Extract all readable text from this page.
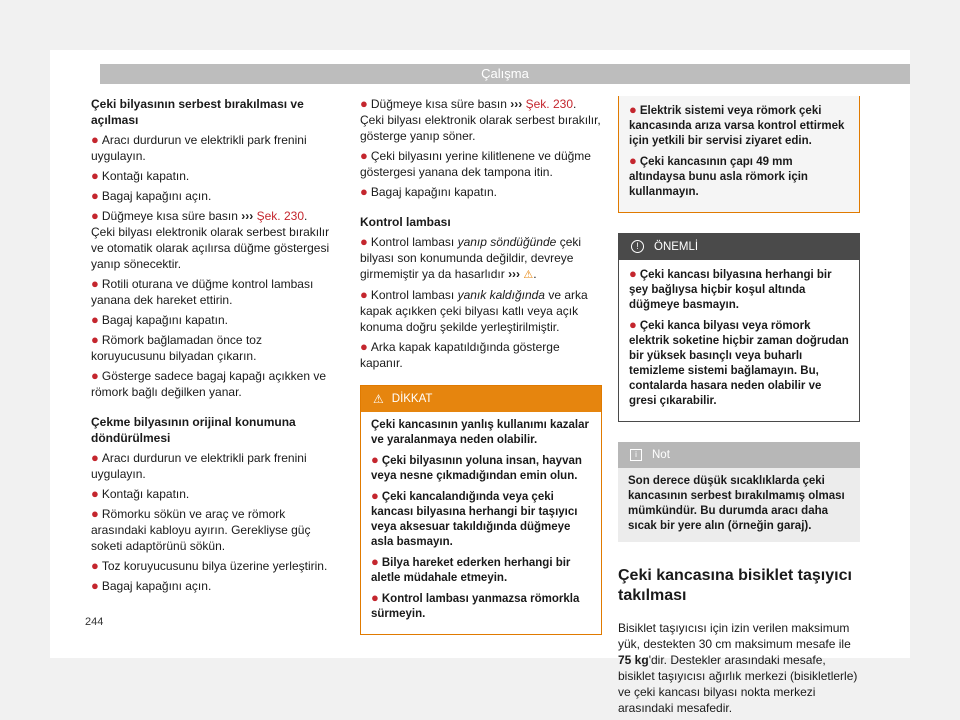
Çalışma
Çeki bilyasının serbest bırakılması ve açılması
● Aracı durdurun ve elektrikli park frenini uygulayın.
● Kontağı kapatın.
● Bagaj kapağını açın.
● Düğmeye kısa süre basın ››› Şek. 230. Çeki bilyası elektronik olarak serbest bırakılır ve otomatik olarak açılırsa düğme göstergesi yanıp sönecektir.
● Rotili oturana ve düğme kontrol lambası yanana dek hareket ettirin.
● Bagaj kapağını kapatın.
● Römork bağlamadan önce toz koruyucusunu bilyadan çıkarın.
● Gösterge sadece bagaj kapağı açıkken ve römork bağlı değilken yanar.
Çekme bilyasının orijinal konumuna döndürülmesi
● Aracı durdurun ve elektrikli park frenini uygulayın.
● Kontağı kapatın.
● Römorku sökün ve araç ve römork arasındaki kabloyu ayırın. Gerekliyse güç soketi adaptörünü sökün.
● Toz koruyucusunu bilya üzerine yerleştirin.
● Bagaj kapağını açın.
● Düğmeye kısa süre basın ››› Şek. 230. Çeki bilyası elektronik olarak serbest bırakılır, gösterge yanıp söner.
● Çeki bilyasını yerine kilitlenene ve düğme göstergesi yanana dek tampona itin.
● Bagaj kapağını kapatın.
Kontrol lambası
● Kontrol lambası yanıp söndüğünde çeki bilyası son konumunda değildir, devreye girmemiştir ya da hasarlıdır ››› ⚠.
● Kontrol lambası yanık kaldığında ve arka kapak açıkken çeki bilyası katlı veya açık konuma doğru şekilde yerleştirilmiştir.
● Arka kapak kapatıldığında gösterge kapanır.
⚠ DİKKAT
Çeki kancasının yanlış kullanımı kazalar ve yaralanmaya neden olabilir.
● Çeki bilyasının yoluna insan, hayvan veya nesne çıkmadığından emin olun.
● Çeki kancalandığında veya çeki kancası bilyasına herhangi bir taşıyıcı veya aksesuar takıldığında düğmeye asla basmayın.
● Bilya hareket ederken herhangi bir aletle müdahale etmeyin.
● Kontrol lambası yanmazsa römorkla sürmeyin.
● Elektrik sistemi veya römork çeki kancasında arıza varsa kontrol ettirmek için yetkili bir servisi ziyaret edin.
● Çeki kancasının çapı 49 mm altındaysa bunu asla römork için kullanmayın.
! ÖNEMLİ
● Çeki kancası bilyasına herhangi bir şey bağlıysa hiçbir koşul altında düğmeye basmayın.
● Çeki kanca bilyası veya römork elektrik soketine hiçbir zaman doğrudan bir yüksek basınçlı veya buharlı temizleme sistemi bağlamayın. Bu, contalarda hasara neden olabilir ve gresi çıkarabilir.
i Not
Son derece düşük sıcaklıklarda çeki kancasının serbest bırakılmamış olması mümkündür. Bu durumda aracı daha sıcak bir yere alın (örneğin garaj).
Çeki kancasına bisiklet taşıyıcı takılması
Bisiklet taşıyıcısı için izin verilen maksimum yük, destekten 30 cm maksimum mesafe ile 75 kg'dir. Destekler arasındaki mesafe, bisiklet taşıyıcısı ağırlık merkezi (bisikletlerle) ve çeki kancası bilyası nokta merkezi arasındaki mesafedir.
244
